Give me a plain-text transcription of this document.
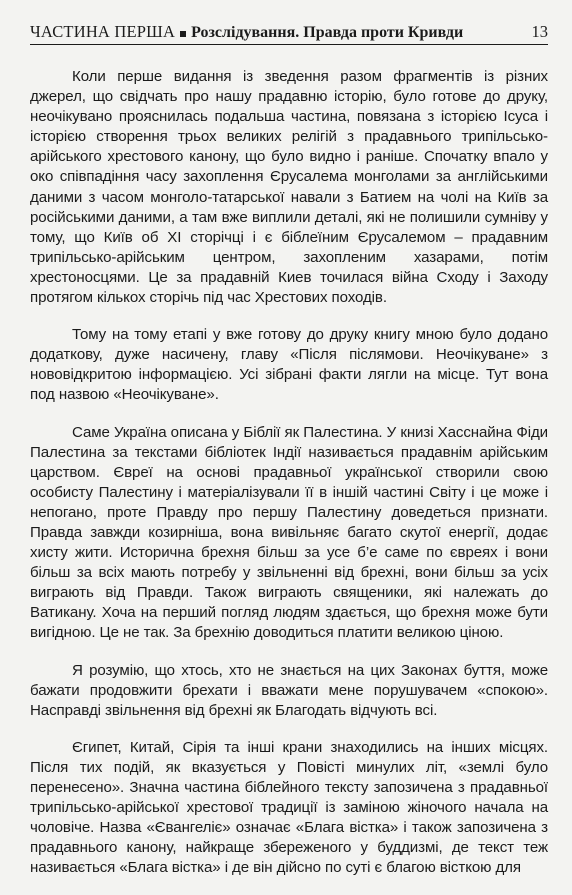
ЧАСТИНА ПЕРША Розслідування. Правда проти Кривди	13

Коли перше видання із зведення разом фрагментів із різних джерел, що свідчать про нашу прадавню історію, було готове до друку, неочікувано прояснилась подальша частина, повязана з історією Ісуса і історією створення трьох великих релігій з прадавнього трипільсько-арійського хрестового канону, що було видно і раніше. Спочатку впало у око співпадіння часу захоплення Єрусалема монголами за англійськими даними з часом монголо-татарської навали з Батием на чолі на Київ за російськими даними, а там вже виплили деталі, які не полишили сумніву у тому, що Київ об ХІ сторічці і є біблеїним Єрусалемом – прадавним трипільсько-арійським центром, захопленим хазарами, потім хрестоносцями. Це за прадавній Киев точилася війна Сходу і Заходу протягом кількох сторічь під час Хрестових походів.

Тому на тому етапі у вже готову до друку книгу мною було додано додаткову, дуже насичену, главу «Після післямови. Неочікуване» з нововідкритою інформацією. Усі зібрані факти лягли на місце. Тут вона под назвою «Неочікуване».

Саме Україна описана у Біблії як Палестина. У книзі Хасснайна Фіди Палестина за текстами бібліотек Індії називається прадавнім арійським царством. Євреї на основі прадавньої української створили свою особисту Палестину і матеріалізували її в іншій частині Світу і це може і непогано, проте Правду про першу Палестину доведеться признати. Правда завжди козирніша, вона вивільняє багато скутої енергії, додає хисту жити. Исторична брехня більш за усе б’е саме по євреях і вони більш за всіх мають потребу у звільненні від брехні, вони більш за усіх виграють від Правди. Також виграють священики, які належать до Ватикану. Хоча на перший погляд людям здається, що брехня може бути вигідною. Це не так. За брехнію доводиться платити великою ціною.

Я розумію, що хтось, хто не знається на цих Законах буття, може бажати продовжити брехати і вважати мене порушувачем «спокою». Насправді звільнення від брехні як Благодать відчують всі.

Єгипет, Китай, Сірія та інші крани знаходились на інших місцях. Після тих подій, як вказується у Повісті минулих літ, «землі було перенесено». Значна частина біблейного тексту запозичена з прадавньої трипільсько-арійської хрестової традиції із заміною жіночого начала на чоловіче. Назва «Євангеліє» означає «Блага вістка» і також запозичена з прадавнього канону, найкраще збереженого у буддизмі, де текст теж називається «Блага вістка» і де він дійсно по суті є благою вісткою для
